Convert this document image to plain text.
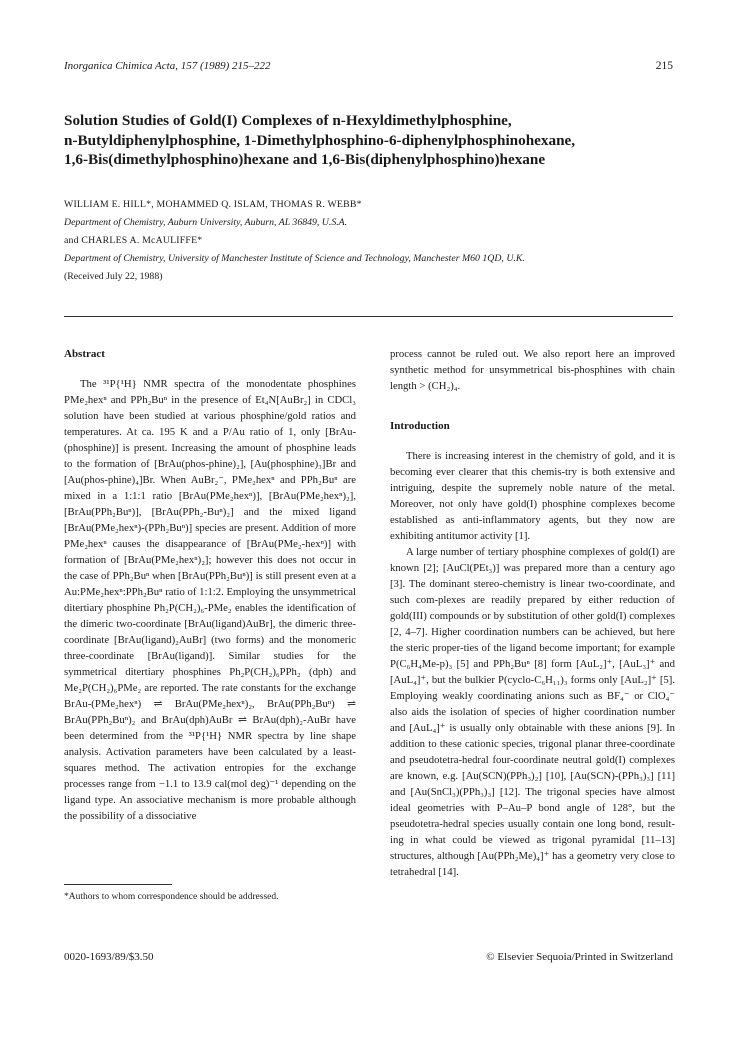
Inorganica Chimica Acta, 157 (1989) 215–222	215
Solution Studies of Gold(I) Complexes of n-Hexyldimethylphosphine,
n-Butyldiphenylphosphine, 1-Dimethylphosphino-6-diphenylphosphinohexane,
1,6-Bis(dimethylphosphino)hexane and 1,6-Bis(diphenylphosphino)hexane
WILLIAM E. HILL*, MOHAMMED Q. ISLAM, THOMAS R. WEBB*
Department of Chemistry, Auburn University, Auburn, AL 36849, U.S.A.
and CHARLES A. McAULIFFE*
Department of Chemistry, University of Manchester Institute of Science and Technology, Manchester M60 1QD, U.K.
(Received July 22, 1988)
Abstract

The ³¹P{¹H} NMR spectra of the monodentate phosphines PMe₂hexⁿ and PPh₂Buⁿ in the presence of Et₄N[AuBr₂] in CDCl₃ solution have been studied at various phosphine/gold ratios and temperatures. At ca. 195 K and a P/Au ratio of 1, only [BrAu-(phosphine)] is present. Increasing the amount of phosphine leads to the formation of [BrAu(phos-phine)₂], [Au(phosphine)₃]Br and [Au(phos-phine)₄]Br. When AuBr₂⁻, PMe₂hexⁿ and PPh₂Buⁿ are mixed in a 1:1:1 ratio [BrAu(PMe₂hexⁿ)], [BrAu(PMe₂hexⁿ)₂], [BrAu(PPh₂Buⁿ)], [BrAu(PPh₂-Buⁿ)₂] and the mixed ligand [BrAu(PMe₂hexⁿ)-(PPh₂Buⁿ)] species are present. Addition of more PMe₂hexⁿ causes the disappearance of [BrAu(PMe₂-hexⁿ)] with formation of [BrAu(PMe₂hexⁿ)₂]; however this does not occur in the case of PPh₂Buⁿ when [BrAu(PPh₂Buⁿ)] is still present even at a Au:PMe₂hexⁿ:PPh₂Buⁿ ratio of 1:1:2. Employing the unsymmetrical ditertiary phosphine Ph₂P(CH₂)₆-PMe₂ enables the identification of the dimeric two-coordinate [BrAu(ligand)AuBr], the dimeric three-coordinate [BrAu(ligand)₂AuBr] (two forms) and the monomeric three-coordinate [BrAu(ligand)]. Similar studies for the symmetrical ditertiary phosphines Ph₂P(CH₂)₆PPh₂ (dph) and Me₂P(CH₂)₆PMe₂ are reported. The rate constants for the exchange BrAu-(PMe₂hexⁿ) ⇌ BrAu(PMe₂hexⁿ)₂, BrAu(PPh₂Buⁿ) ⇌ BrAu(PPh₂Buⁿ)₂ and BrAu(dph)AuBr ⇌ BrAu(dph)₂-AuBr have been determined from the ³¹P{¹H} NMR spectra by line shape analysis. Activation parameters have been calculated by a least-squares method. The activation entropies for the exchange processes range from −1.1 to 13.9 cal(mol deg)⁻¹ depending on the ligand type. An associative mechanism is more probable although the possibility of a dissociative

process cannot be ruled out. We also report here an improved synthetic method for unsymmetrical bis-phosphines with chain length > (CH₂)₄.

Introduction

There is increasing interest in the chemistry of gold, and it is becoming ever clearer that this chemis-try is both extensive and intriguing, despite the supremely noble nature of the metal. Moreover, not only have gold(I) phosphine complexes become established as anti-inflammatory agents, but they now are exhibiting antitumor activity [1].

A large number of tertiary phosphine complexes of gold(I) are known [2]; [AuCl(PEt₃)] was prepared more than a century ago [3]. The dominant stereo-chemistry is linear two-coordinate, and such com-plexes are readily prepared by either reduction of gold(III) compounds or by substitution of other gold(I) complexes [2, 4–7]. Higher coordination numbers can be achieved, but here the steric proper-ties of the ligand become important; for example P(C₆H₄Me-p)₃ [5] and PPh₂Buⁿ [8] form [AuL₂]⁺, [AuL₃]⁺ and [AuL₄]⁺, but the bulkier P(cyclo-C₆H₁₁)₃ forms only [AuL₂]⁺ [5]. Employing weakly coordinating anions such as BF₄⁻ or ClO₄⁻ also aids the isolation of species of higher coordination number and [AuL₄]⁺ is usually only obtainable with these anions [9]. In addition to these cationic species, trigonal planar three-coordinate and pseudotetra-hedral four-coordinate neutral gold(I) complexes are known, e.g. [Au(SCN)(PPh₃)₂] [10], [Au(SCN)-(PPh₃)₃] [11] and [Au(SnCl₃)(PPh₃)₃] [12]. The trigonal species have almost ideal geometries with P–Au–P bond angle of 128°, but the pseudotetra-hedral species usually contain one long bond, result-ing in what could be viewed as trigonal pyramidal [11–13] structures, although [Au(PPh₂Me)₄]⁺ has a geometry very close to tetrahedral [14].

*Authors to whom correspondence should be addressed.
0020-1693/89/$3.50	© Elsevier Sequoia/Printed in Switzerland
